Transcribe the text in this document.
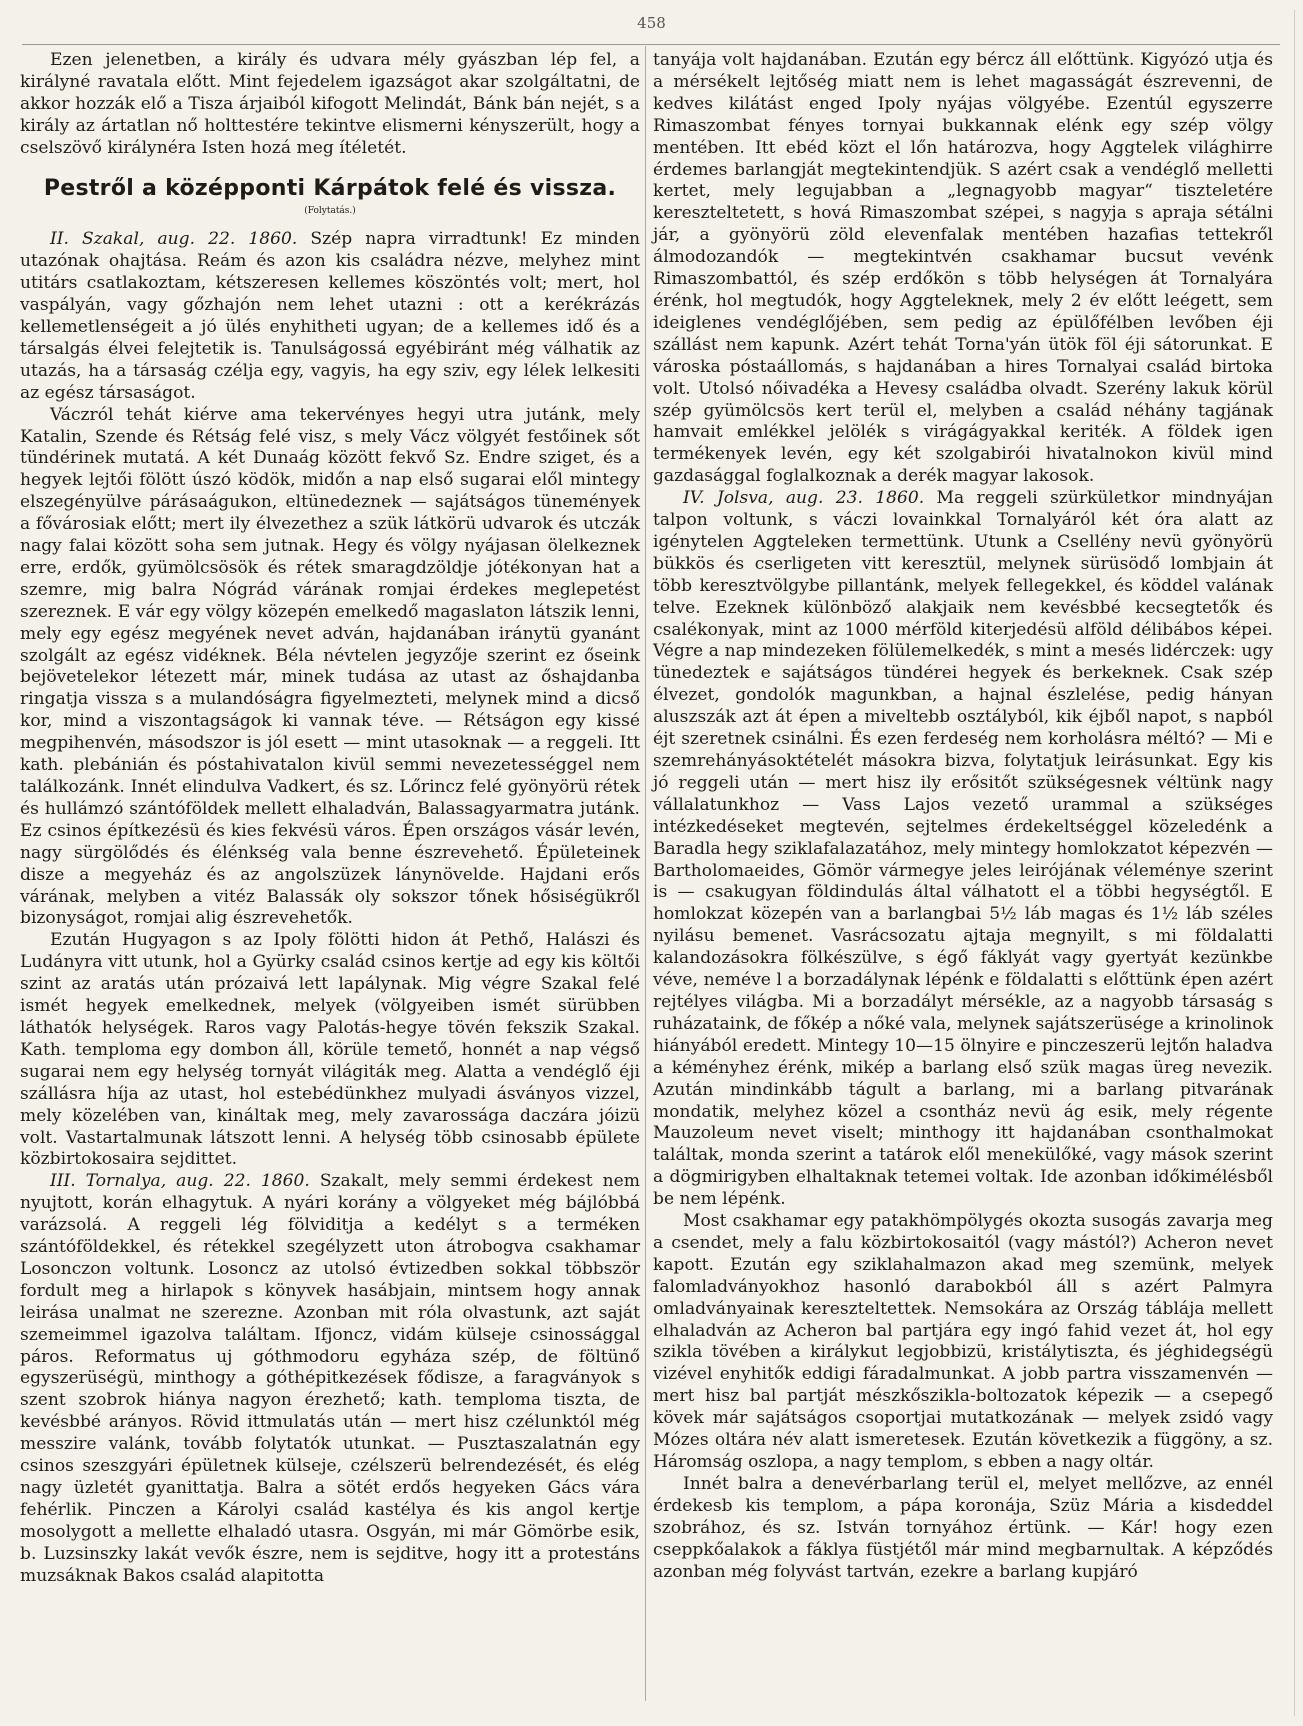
458

Ezen jelenetben, a király és udvara mély gyászban lép fel, a királyné ravatala előtt. Mint fejedelem igazságot akar szolgáltatni, de akkor hozzák elő a Tisza árjaiból kifogott Melindát, Bánk bán nejét, s a király az ártatlan nő holttestére tekintve elismerni kényszerült, hogy a cselszövő királynéra Isten hozá meg ítéletét.

Pestről a középponti Kárpátok felé és vissza.
(Folytatás.)

II. Szakal, aug. 22. 1860. Szép napra virradtunk! Ez minden utazónak ohajtása. Reám és azon kis családra nézve, melyhez mint utitárs csatlakoztam, kétszeresen kellemes köszöntés volt; mert, hol vaspályán, vagy gőzhajón nem lehet utazni : ott a kerékrázás kellemetlenségeit a jó ülés enyhitheti ugyan; de a kellemes idő és a társalgás élvei felejtetik is. Tanulságossá egyébiránt még válhatik az utazás, ha a társaság czélja egy, vagyis, ha egy sziv, egy lélek lelkesiti az egész társaságot.

Váczról tehát kiérve ama tekervényes hegyi utra jutánk, mely Katalin, Szende és Rétság felé visz, s mely Vácz völgyét festőinek sőt tündérinek mutatá. A két Dunaág között fekvő Sz. Endre sziget, és a hegyek lejtői fölött úszó ködök, midőn a nap első sugarai elől mintegy elszegényülve párásaágukon, eltünedeznek — sajátságos tünemények a fővárosiak előtt; mert ily élvezethez a szük látkörü udvarok és utczák nagy falai között soha sem jutnak. Hegy és völgy nyájasan ölelkeznek erre, erdők, gyümölcsösök és rétek smaragdzöldje jótékonyan hat a szemre, mig balra Nógrád várának romjai érdekes meglepetést szereznek. E vár egy völgy közepén emelkedő magaslaton látszik lenni, mely egy egész megyének nevet adván, hajdanában iránytü gyanánt szolgált az egész vidéknek. Béla névtelen jegyzője szerint ez őseink bejövetelekor létezett már, minek tudása az utast az őshajdanba ringatja vissza s a mulandóságra figyelmezteti, melynek mind a dicső kor, mind a viszontagságok ki vannak téve. — Rétságon egy kissé megpihenvén, másodszor is jól esett — mint utasoknak — a reggeli. Itt kath. plebánián és póstahivatalon kivül semmi nevezetességgel nem találkozánk. Innét elindulva Vadkert, és sz. Lőrincz felé gyönyörü rétek és hullámzó szántóföldek mellett elhaladván, Balassagyarmatra jutánk. Ez csinos építkezésü és kies fekvésü város. Épen országos vásár levén, nagy sürgölődés és élénkség vala benne észrevehető. Épületeinek disze a megyeház és az angolszüzek lánynövelde. Hajdani erős várának, melyben a vitéz Balassák oly sokszor tőnek hősiségükről bizonyságot, romjai alig észrevehetők.

Ezután Hugyagon s az Ipoly fölötti hidon át Pethő, Halászi és Ludányra vitt utunk, hol a Gyürky család csinos kertje ad egy kis költői szint az aratás után prózaivá lett lapálynak. Mig végre Szakal felé ismét hegyek emelkednek, melyek (völgyeiben ismét sürübben láthatók helységek. Raros vagy Palotás-hegye tövén fekszik Szakal. Kath. temploma egy dombon áll, körüle temető, honnét a nap végső sugarai nem egy helység tornyát világiták meg. Alatta a vendéglő éji szállásra híja az utast, hol estebédünkhez mulyadi ásványos vizzel, mely közelében van, kináltak meg, mely zavarossága daczára jóizü volt. Vastartalmunak látszott lenni. A helység több csinosabb épülete közbirtokosaira sejdittet.

III. Tornalya, aug. 22. 1860. Szakalt, mely semmi érdekest nem nyujtott, korán elhagytuk. A nyári korány a völgyeket még bájlóbbá varázsolá. A reggeli lég fölviditja a kedélyt s a terméken szántóföldekkel, és rétekkel szegélyzett uton átrobogva csakhamar Losonczon voltunk. Losoncz az utolsó évtizedben sokkal többször fordult meg a hirlapok s könyvek hasábjain, mintsem hogy annak leirása unalmat ne szerezne. Azonban mit róla olvastunk, azt saját szemeimmel igazolva találtam. Ifjoncz, vidám külseje csinossággal páros. Reformatus uj góthmodoru egyháza szép, de föltünő egyszerüségü, minthogy a góthépitkezések fődisze, a faragványok s szent szobrok hiánya nagyon érezhető; kath. temploma tiszta, de kevésbbé arányos. Rövid ittmulatás után — mert hisz czélunktól még messzire valánk, tovább folytatók utunkat. — Pusztaszalatnán egy csinos szeszgyári épületnek külseje, czélszerü belrendezését, és elég nagy üzletét gyanittatja. Balra a sötét erdős hegyeken Gács vára fehérlik. Pinczen a Károlyi család kastélya és kis angol kertje mosolygott a mellette elhaladó utasra. Osgyán, mi már Gömörbe esik, b. Luzsinszky lakát vevők észre, nem is sejditve, hogy itt a protestáns muzsáknak Bakos család alapitotta

tanyája volt hajdanában. Ezután egy bércz áll előttünk. Kigyózó utja és a mérsékelt lejtőség miatt nem is lehet magasságát észrevenni, de kedves kilátást enged Ipoly nyájas völgyébe. Ezentúl egyszerre Rimaszombat fényes tornyai bukkannak elénk egy szép völgy mentében. Itt ebéd közt el lőn határozva, hogy Aggtelek világhirre érdemes barlangját megtekintendjük. S azért csak a vendéglő melletti kertet, mely legujabban a „legnagyobb magyar“ tiszteletére kereszteltetett, s hová Rimaszombat szépei, s nagyja s apraja sétálni jár, a gyönyörü zöld elevenfalak mentében hazafias tettekről álmodozandók — megtekintvén csakhamar bucsut vevénk Rimaszombattól, és szép erdőkön s több helységen át Tornalyára érénk, hol megtudók, hogy Aggteleknek, mely 2 év előtt leégett, sem ideiglenes vendéglőjében, sem pedig az épülőfélben levőben éji szállást nem kapunk. Azért tehát Torna'yán ütök föl éji sátorunkat. E városka póstaállomás, s hajdanában a hires Tornalyai család birtoka volt. Utolsó nőivadéka a Hevesy családba olvadt. Szerény lakuk körül szép gyümölcsös kert terül el, melyben a család néhány tagjának hamvait emlékkel jelölék s virágágyakkal keriték. A földek igen termékenyek levén, egy két szolgabirói hivatalnokon kivül mind gazdasággal foglalkoznak a derék magyar lakosok.

IV. Jolsva, aug. 23. 1860. Ma reggeli szürkületkor mindnyájan talpon voltunk, s váczi lovainkkal Tornalyáról két óra alatt az igénytelen Aggteleken termettünk. Utunk a Csellény nevü gyönyörü bükkös és cserligeten vitt keresztül, melynek sürüsödő lombjain át több keresztvölgybe pillantánk, melyek fellegekkel, és köddel valának telve. Ezeknek különböző alakjaik nem kevésbbé kecsegtetők és csalékonyak, mint az 1000 mérföld kiterjedésü alföld délibábos képei. Végre a nap mindezeken fölülemelkedék, s mint a mesés lidérczek: ugy tünedeztek e sajátságos tündérei hegyek és berkeknek. Csak szép élvezet, gondolók magunkban, a hajnal észlelése, pedig hányan aluszszák azt át épen a miveltebb osztályból, kik éjből napot, s napból éjt szeretnek csinálni. És ezen ferdeség nem korholásra méltó? — Mi e szemrehányásoktételét másokra bizva, folytatjuk leirásunkat. Egy kis jó reggeli után — mert hisz ily erősitőt szükségesnek véltünk nagy vállalatunkhoz — Vass Lajos vezető urammal a szükséges intézkedéseket megtevén, sejtelmes érdekeltséggel közeledénk a Baradla hegy sziklafalazatához, mely mintegy homlokzatot képezvén — Bartholomaeides, Gömör vármegye jeles leirójának véleménye szerint is — csakugyan földindulás által válhatott el a többi hegységtől. E homlokzat közepén van a barlangbai 5½ láb magas és 1½ láb széles nyilásu bemenet. Vasrácsozatu ajtaja megnyilt, s mi földalatti kalandozásokra fölkészülve, s égő fáklyát vagy gyertyát kezünkbe véve, neméve l a borzadálynak lépénk e földalatti s előttünk épen azért rejtélyes világba. Mi a borzadályt mérsékle, az a nagyobb társaság s ruházataink, de főkép a nőké vala, melynek sajátszerüsége a krinolinok hiányából eredett. Mintegy 10—15 ölnyire e pinczeszerü lejtőn haladva a kéményhez érénk, mikép a barlang első szük magas üreg nevezik. Azután mindinkább tágult a barlang, mi a barlang pitvarának mondatik, melyhez közel a csontház nevü ág esik, mely régente Mauzoleum nevet viselt; minthogy itt hajdanában csonthalmokat találtak, monda szerint a tatárok elől menekülőké, vagy mások szerint a dögmirigyben elhaltaknak tetemei voltak. Ide azonban időkimélésből be nem lépénk.

Most csakhamar egy patakhömpölygés okozta susogás zavarja meg a csendet, mely a falu közbirtokosaitól (vagy mástól?) Acheron nevet kapott. Ezután egy sziklahalmazon akad meg szemünk, melyek falomladványokhoz hasonló darabokból áll s azért Palmyra omladványainak kereszteltettek. Nemsokára az Ország táblája mellett elhaladván az Acheron bal partjára egy ingó fahid vezet át, hol egy szikla tövében a királykut legjobbizü, kristálytiszta, és jéghidegségü vizével enyhitők eddigi fáradalmunkat. A jobb partra visszamenvén — mert hisz bal partját mészkőszikla-boltozatok képezik — a csepegő kövek már sajátságos csoportjai mutatkozának — melyek zsidó vagy Mózes oltára név alatt ismeretesek. Ezután következik a függöny, a sz. Háromság oszlopa, a nagy templom, s ebben a nagy oltár.

Innét balra a denevérbarlang terül el, melyet mellőzve, az ennél érdekesb kis templom, a pápa koronája, Szüz Mária a kisdeddel szobrához, és sz. István tornyához értünk. — Kár! hogy ezen cseppkőalakok a fáklya füstjétől már mind megbarnultak. A képződés azonban még folyvást tartván, ezekre a barlang kupjáró
